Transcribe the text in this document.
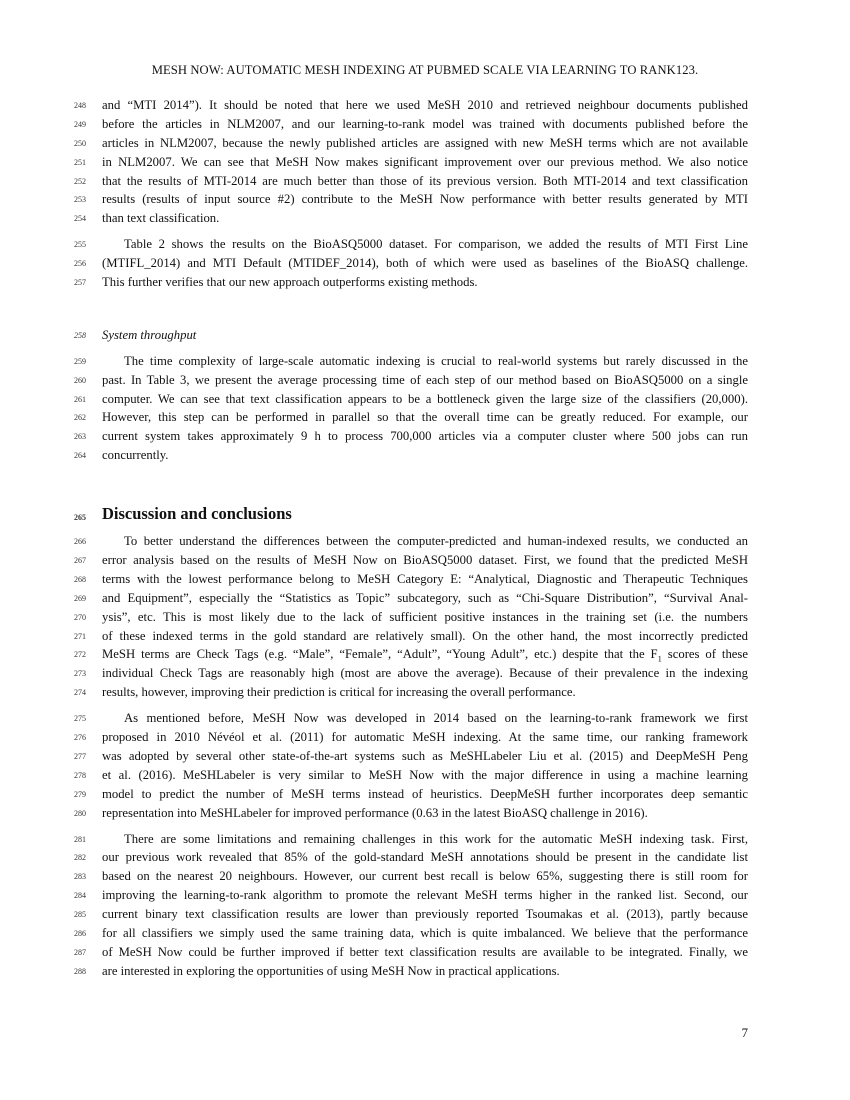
MESH NOW: AUTOMATIC MESH INDEXING AT PUBMED SCALE VIA LEARNING TO RANK123.
248	and “MTI 2014”). It should be noted that here we used MeSH 2010 and retrieved neighbour documents published
249	before the articles in NLM2007, and our learning-to-rank model was trained with documents published before the
250	articles in NLM2007, because the newly published articles are assigned with new MeSH terms which are not available
251	in NLM2007. We can see that MeSH Now makes significant improvement over our previous method. We also notice
252	that the results of MTI-2014 are much better than those of its previous version. Both MTI-2014 and text classification
253	results (results of input source #2) contribute to the MeSH Now performance with better results generated by MTI
254	than text classification.
255	Table 2 shows the results on the BioASQ5000 dataset. For comparison, we added the results of MTI First Line
256	(MTIFL_2014) and MTI Default (MTIDEF_2014), both of which were used as baselines of the BioASQ challenge.
257	This further verifies that our new approach outperforms existing methods.
258	System throughput
259	The time complexity of large-scale automatic indexing is crucial to real-world systems but rarely discussed in the
260	past. In Table 3, we present the average processing time of each step of our method based on BioASQ5000 on a single
261	computer. We can see that text classification appears to be a bottleneck given the large size of the classifiers (20,000).
262	However, this step can be performed in parallel so that the overall time can be greatly reduced. For example, our
263	current system takes approximately 9 h to process 700,000 articles via a computer cluster where 500 jobs can run
264	concurrently.
265 Discussion and conclusions
266	To better understand the differences between the computer-predicted and human-indexed results, we conducted an
267	error analysis based on the results of MeSH Now on BioASQ5000 dataset. First, we found that the predicted MeSH
268	terms with the lowest performance belong to MeSH Category E: “Analytical, Diagnostic and Therapeutic Techniques
269	and Equipment”, especially the “Statistics as Topic” subcategory, such as “Chi-Square Distribution”, “Survival Anal-
270	ysis”, etc. This is most likely due to the lack of sufficient positive instances in the training set (i.e. the numbers
271	of these indexed terms in the gold standard are relatively small). On the other hand, the most incorrectly predicted
272	MeSH terms are Check Tags (e.g. “Male”, “Female”, “Adult”, “Young Adult”, etc.) despite that the $F_1$ scores of these
273	individual Check Tags are reasonably high (most are above the average). Because of their prevalence in the indexing
274	results, however, improving their prediction is critical for increasing the overall performance.
275	As mentioned before, MeSH Now was developed in 2014 based on the learning-to-rank framework we first
276	proposed in 2010 Névéol et al. (2011) for automatic MeSH indexing. At the same time, our ranking framework
277	was adopted by several other state-of-the-art systems such as MeSHLabeler Liu et al. (2015) and DeepMeSH Peng
278	et al. (2016). MeSHLabeler is very similar to MeSH Now with the major difference in using a machine learning
279	model to predict the number of MeSH terms instead of heuristics. DeepMeSH further incorporates deep semantic
280	representation into MeSHLabeler for improved performance (0.63 in the latest BioASQ challenge in 2016).
281	There are some limitations and remaining challenges in this work for the automatic MeSH indexing task. First,
282	our previous work revealed that 85% of the gold-standard MeSH annotations should be present in the candidate list
283	based on the nearest 20 neighbours. However, our current best recall is below 65%, suggesting there is still room for
284	improving the learning-to-rank algorithm to promote the relevant MeSH terms higher in the ranked list. Second, our
285	current binary text classification results are lower than previously reported Tsoumakas et al. (2013), partly because
286	for all classifiers we simply used the same training data, which is quite imbalanced. We believe that the performance
287	of MeSH Now could be further improved if better text classification results are available to be integrated. Finally, we
288	are interested in exploring the opportunities of using MeSH Now in practical applications.
7
